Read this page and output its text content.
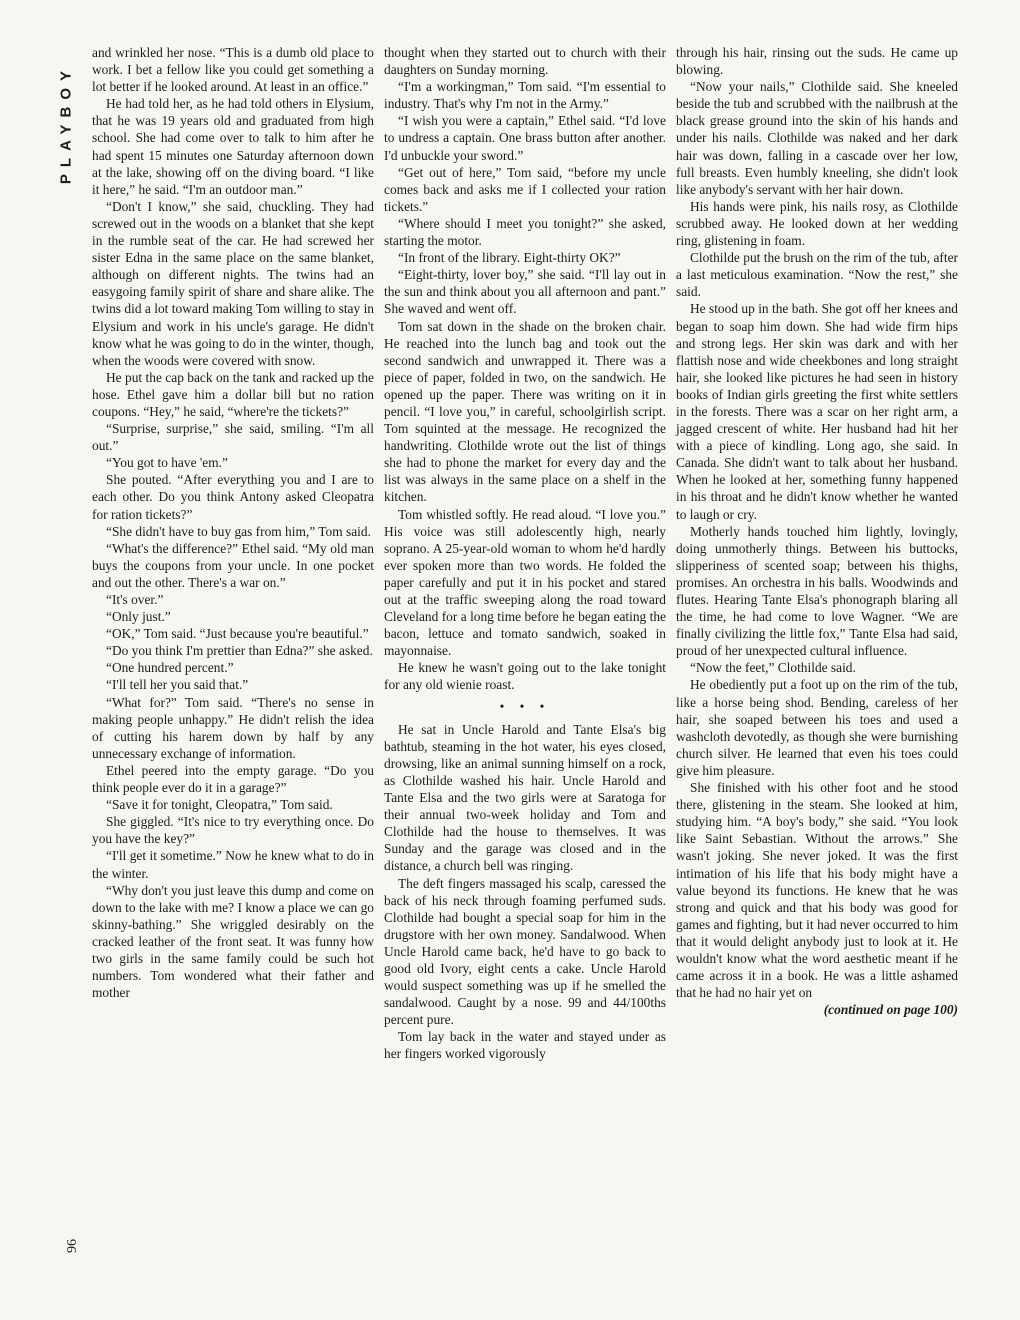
PLAYBOY
96

and wrinkled her nose. “This is a dumb old place to work. I bet a fellow like you could get something a lot better if he looked around. At least in an office.”

He had told her, as he had told others in Elysium, that he was 19 years old and graduated from high school. She had come over to talk to him after he had spent 15 minutes one Saturday afternoon down at the lake, showing off on the diving board. “I like it here,” he said. “I'm an outdoor man.”

“Don't I know,” she said, chuckling. They had screwed out in the woods on a blanket that she kept in the rumble seat of the car. He had screwed her sister Edna in the same place on the same blanket, although on different nights. The twins had an easygoing family spirit of share and share alike. The twins did a lot toward making Tom willing to stay in Elysium and work in his uncle's garage. He didn't know what he was going to do in the winter, though, when the woods were covered with snow.

He put the cap back on the tank and racked up the hose. Ethel gave him a dollar bill but no ration coupons. “Hey,” he said, “where're the tickets?”

“Surprise, surprise,” she said, smiling. “I'm all out.”

“You got to have 'em.”

She pouted. “After everything you and I are to each other. Do you think Antony asked Cleopatra for ration tickets?”

“She didn't have to buy gas from him,” Tom said.

“What's the difference?” Ethel said. “My old man buys the coupons from your uncle. In one pocket and out the other. There's a war on.”

“It's over.”

“Only just.”

“OK,” Tom said. “Just because you're beautiful.”

“Do you think I'm prettier than Edna?” she asked.

“One hundred percent.”

“I'll tell her you said that.”

“What for?” Tom said. “There's no sense in making people unhappy.” He didn't relish the idea of cutting his harem down by half by any unnecessary exchange of information.

Ethel peered into the empty garage. “Do you think people ever do it in a garage?”

“Save it for tonight, Cleopatra,” Tom said.

She giggled. “It's nice to try everything once. Do you have the key?”

“I'll get it sometime.” Now he knew what to do in the winter.

“Why don't you just leave this dump and come on down to the lake with me? I know a place we can go skinny-bathing.” She wriggled desirably on the cracked leather of the front seat. It was funny how two girls in the same family could be such hot numbers. Tom wondered what their father and mother

thought when they started out to church with their daughters on Sunday morning.

“I'm a workingman,” Tom said. “I'm essential to industry. That's why I'm not in the Army.”

“I wish you were a captain,” Ethel said. “I'd love to undress a captain. One brass button after another. I'd unbuckle your sword.”

“Get out of here,” Tom said, “before my uncle comes back and asks me if I collected your ration tickets.”

“Where should I meet you tonight?” she asked, starting the motor.

“In front of the library. Eight-thirty OK?”

“Eight-thirty, lover boy,” she said. “I'll lay out in the sun and think about you all afternoon and pant.” She waved and went off.

Tom sat down in the shade on the broken chair. He reached into the lunch bag and took out the second sandwich and unwrapped it. There was a piece of paper, folded in two, on the sandwich. He opened up the paper. There was writing on it in pencil. “I love you,” in careful, schoolgirlish script. Tom squinted at the message. He recognized the handwriting. Clothilde wrote out the list of things she had to phone the market for every day and the list was always in the same place on a shelf in the kitchen.

Tom whistled softly. He read aloud. “I love you.” His voice was still adolescently high, nearly soprano. A 25-year-old woman to whom he'd hardly ever spoken more than two words. He folded the paper carefully and put it in his pocket and stared out at the traffic sweeping along the road toward Cleveland for a long time before he began eating the bacon, lettuce and tomato sandwich, soaked in mayonnaise.

He knew he wasn't going out to the lake tonight for any old wienie roast.

• • •

He sat in Uncle Harold and Tante Elsa's big bathtub, steaming in the hot water, his eyes closed, drowsing, like an animal sunning himself on a rock, as Clothilde washed his hair. Uncle Harold and Tante Elsa and the two girls were at Saratoga for their annual two-week holiday and Tom and Clothilde had the house to themselves. It was Sunday and the garage was closed and in the distance, a church bell was ringing.

The deft fingers massaged his scalp, caressed the back of his neck through foaming perfumed suds. Clothilde had bought a special soap for him in the drugstore with her own money. Sandalwood. When Uncle Harold came back, he'd have to go back to good old Ivory, eight cents a cake. Uncle Harold would suspect something was up if he smelled the sandalwood. Caught by a nose. 99 and 44/100ths percent pure.

Tom lay back in the water and stayed under as her fingers worked vigorously

through his hair, rinsing out the suds. He came up blowing.

“Now your nails,” Clothilde said. She kneeled beside the tub and scrubbed with the nailbrush at the black grease ground into the skin of his hands and under his nails. Clothilde was naked and her dark hair was down, falling in a cascade over her low, full breasts. Even humbly kneeling, she didn't look like anybody's servant with her hair down.

His hands were pink, his nails rosy, as Clothilde scrubbed away. He looked down at her wedding ring, glistening in foam.

Clothilde put the brush on the rim of the tub, after a last meticulous examination. “Now the rest,” she said.

He stood up in the bath. She got off her knees and began to soap him down. She had wide firm hips and strong legs. Her skin was dark and with her flattish nose and wide cheekbones and long straight hair, she looked like pictures he had seen in history books of Indian girls greeting the first white settlers in the forests. There was a scar on her right arm, a jagged crescent of white. Her husband had hit her with a piece of kindling. Long ago, she said. In Canada. She didn't want to talk about her husband. When he looked at her, something funny happened in his throat and he didn't know whether he wanted to laugh or cry.

Motherly hands touched him lightly, lovingly, doing unmotherly things. Between his buttocks, slipperiness of scented soap; between his thighs, promises. An orchestra in his balls. Woodwinds and flutes. Hearing Tante Elsa's phonograph blaring all the time, he had come to love Wagner. “We are finally civilizing the little fox,” Tante Elsa had said, proud of her unexpected cultural influence.

“Now the feet,” Clothilde said.

He obediently put a foot up on the rim of the tub, like a horse being shod. Bending, careless of her hair, she soaped between his toes and used a washcloth devotedly, as though she were burnishing church silver. He learned that even his toes could give him pleasure.

She finished with his other foot and he stood there, glistening in the steam. She looked at him, studying him. “A boy's body,” she said. “You look like Saint Sebastian. Without the arrows.” She wasn't joking. She never joked. It was the first intimation of his life that his body might have a value beyond its functions. He knew that he was strong and quick and that his body was good for games and fighting, but it had never occurred to him that it would delight anybody just to look at it. He wouldn't know what the word aesthetic meant if he came across it in a book. He was a little ashamed that he had no hair yet on

(continued on page 100)
